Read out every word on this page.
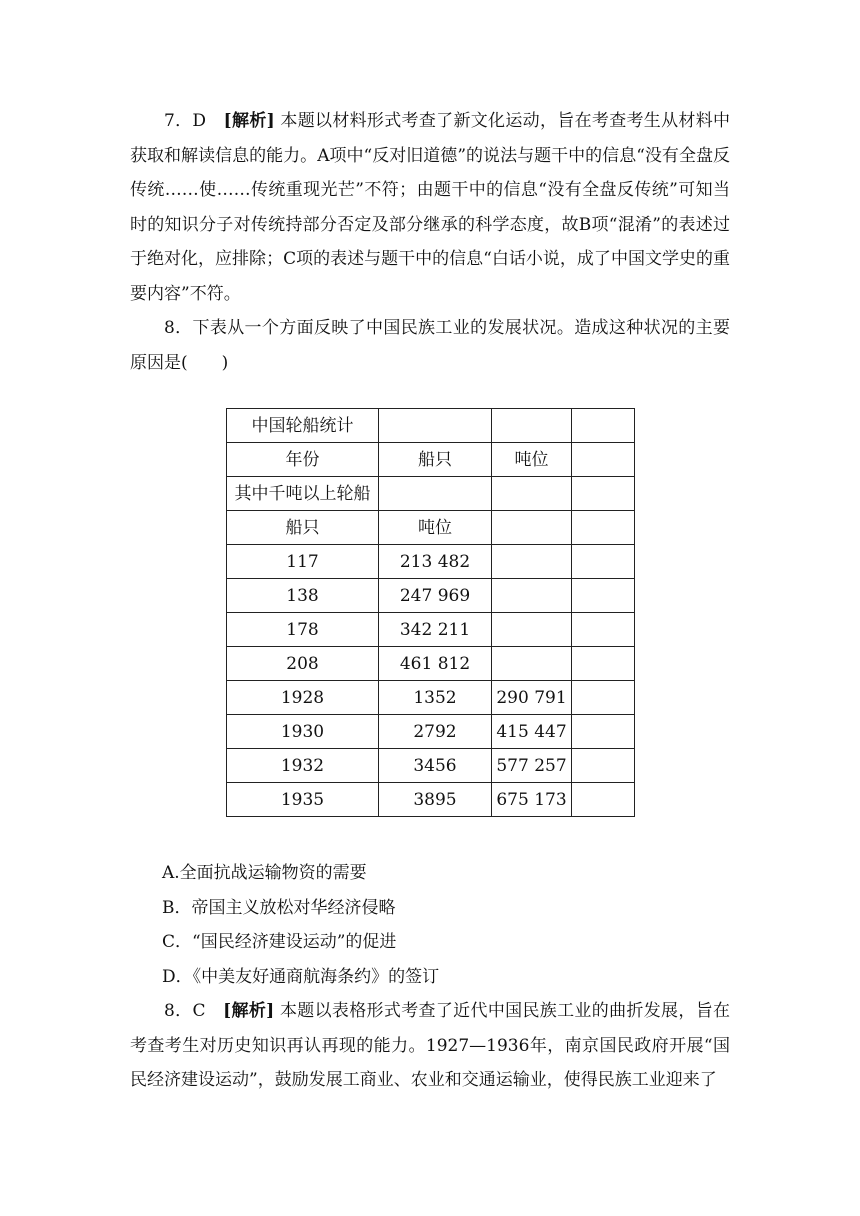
7．D　 [解析] 本题以材料形式考查了新文化运动，旨在考查考生从材料中获取和解读信息的能力。A项中“反对旧道德”的说法与题干中的信息“没有全盘反传统……使……传统重现光芒”不符；由题干中的信息“没有全盘反传统”可知当时的知识分子对传统持部分否定及部分继承的科学态度，故B项“混淆”的表述过于绝对化，应排除；C项的表述与题干中的信息“白话小说，成了中国文学史的重要内容”不符。

8．下表从一个方面反映了中国民族工业的发展状况。造成这种状况的主要原因是(　　)

中国轮船统计			
年份	船只	吨位	
其中千吨以上轮船			
船只	吨位		
117	213 482		
138	247 969		
178	342 211		
208	461 812		
1928	1352	290 791	
1930	2792	415 447	
1932	3456	577 257	
1935	3895	675 173	

A.全面抗战运输物资的需要

B．帝国主义放松对华经济侵略

C．“国民经济建设运动”的促进

D．《中美友好通商航海条约》的签订

8．C　 [解析] 本题以表格形式考查了近代中国民族工业的曲折发展，旨在考查考生对历史知识再认再现的能力。1927—1936年，南京国民政府开展“国民经济建设运动”，鼓励发展工商业、农业和交通运输业，使得民族工业迎来了
